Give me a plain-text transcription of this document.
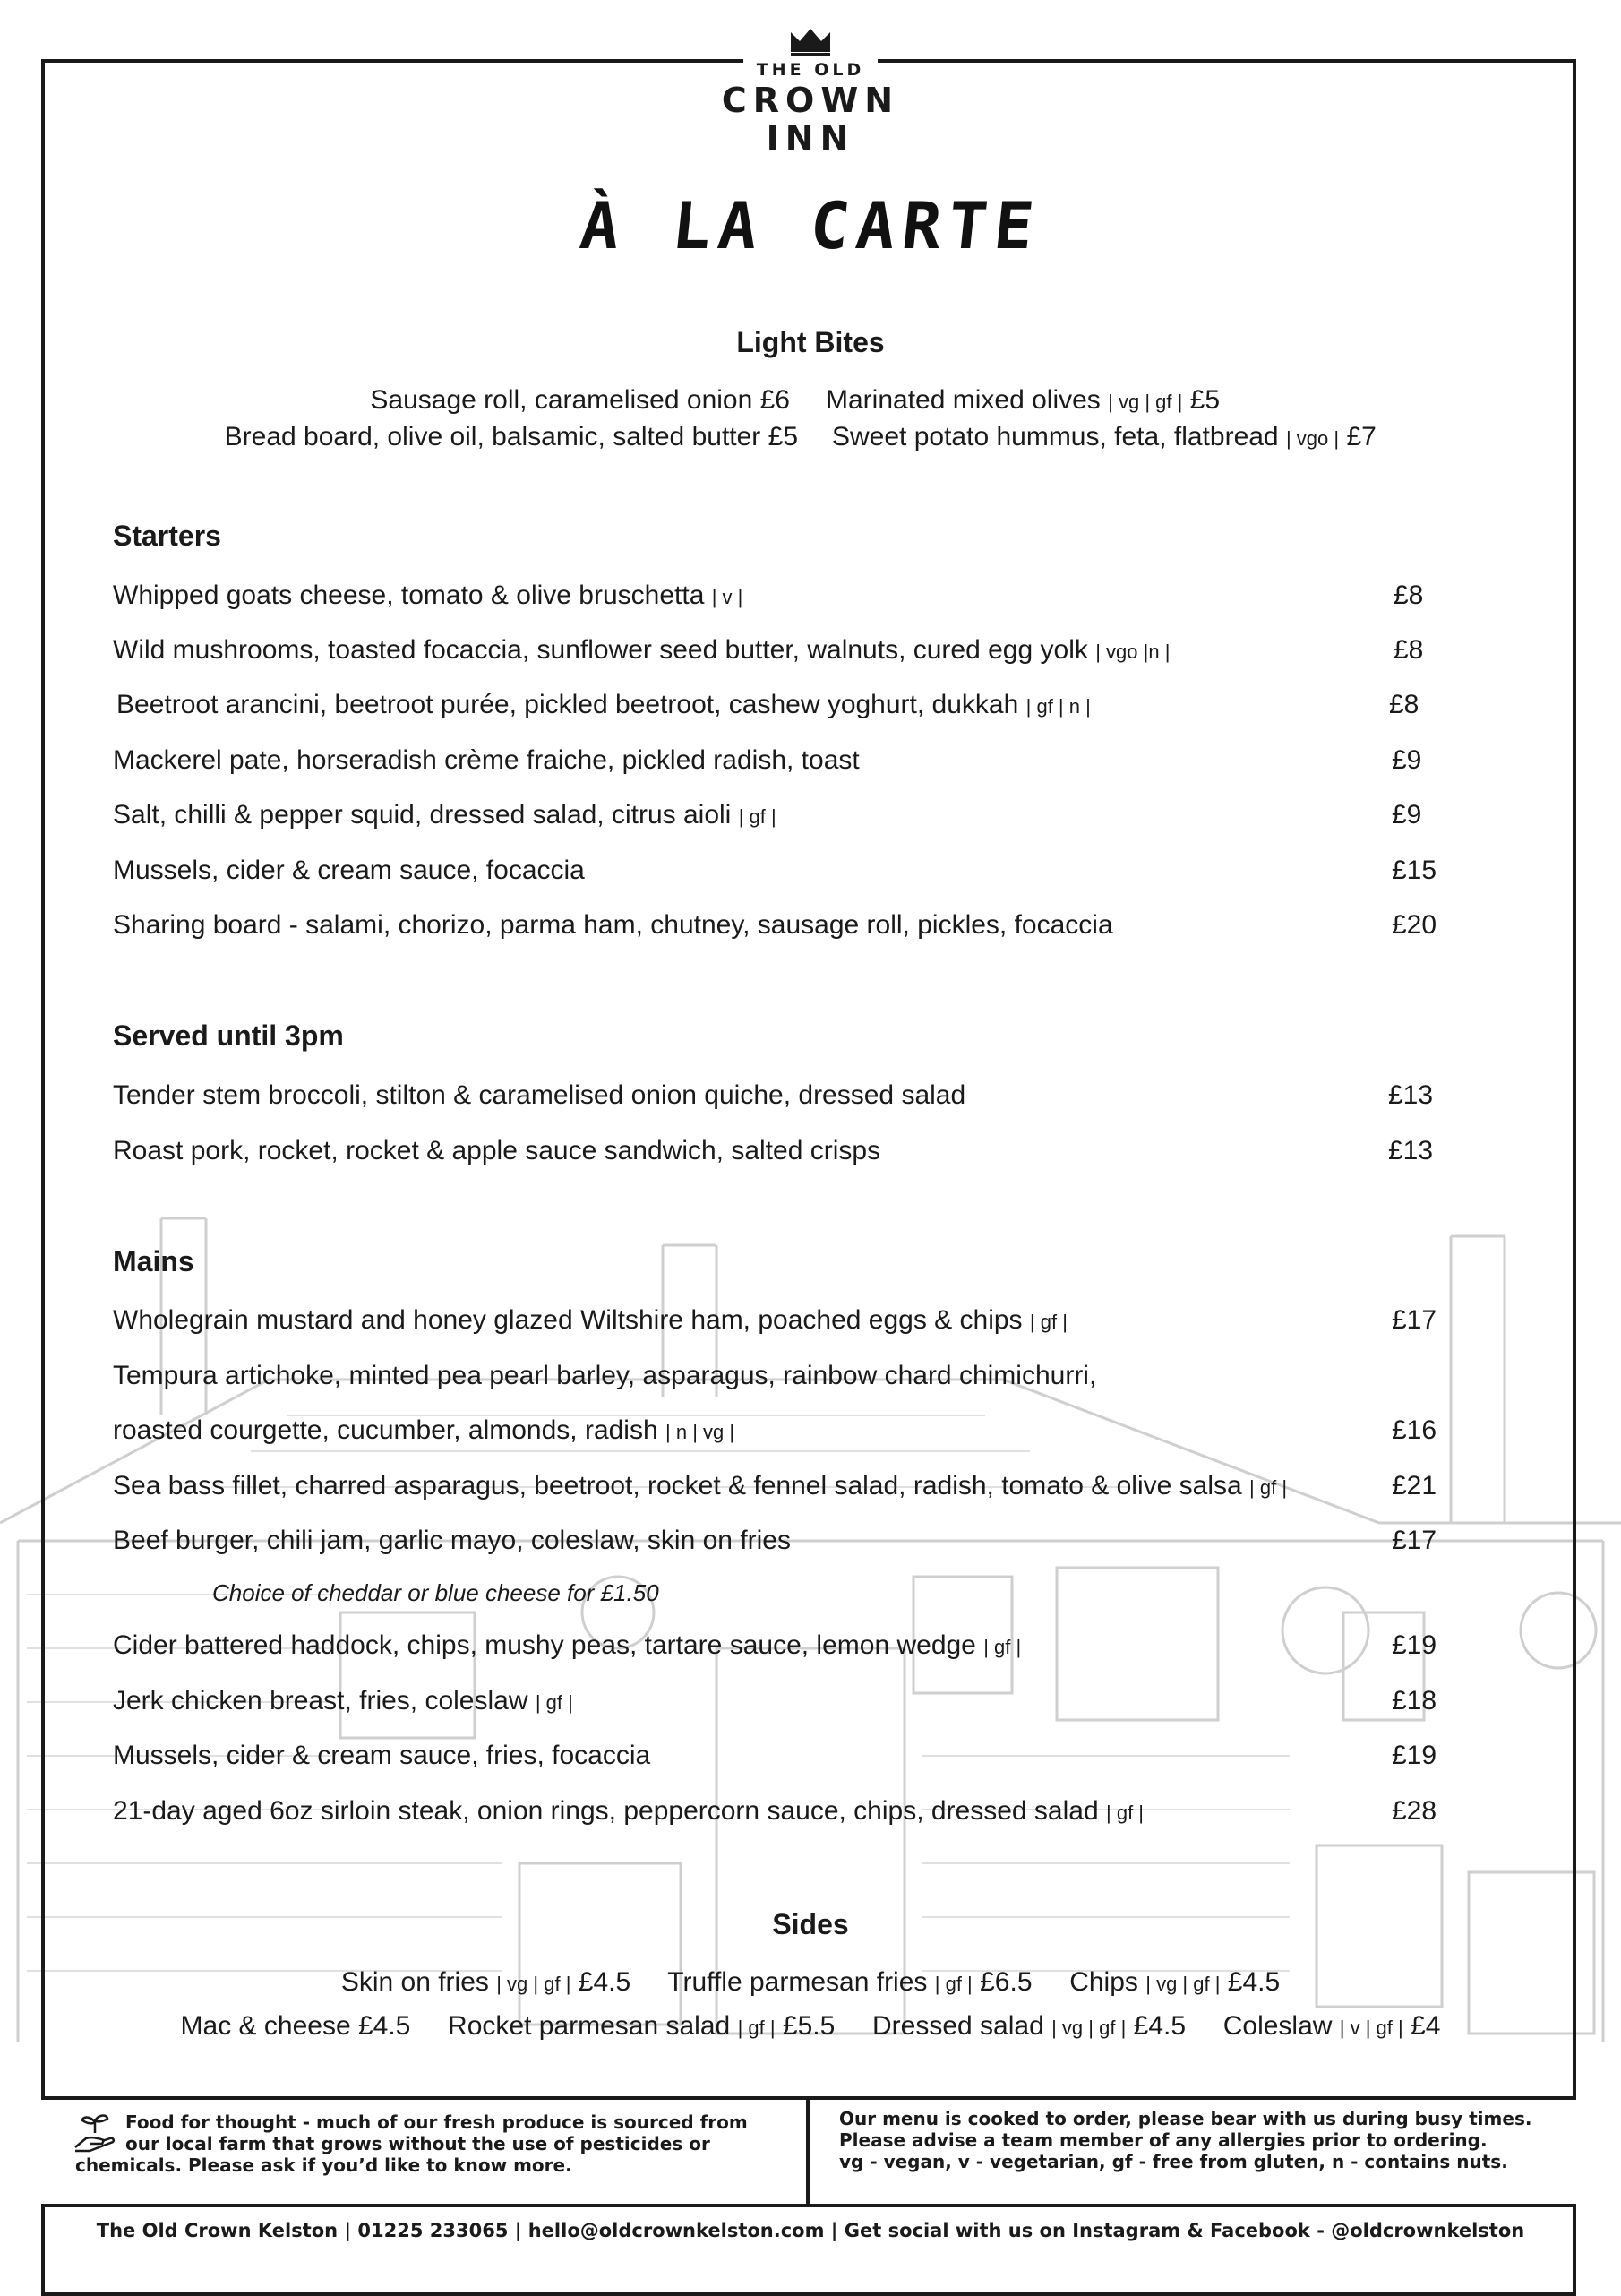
THE OLD
CROWN
INN
À LA CARTE
Light Bites
Sausage roll, caramelised onion £6 Marinated mixed olives | vg | gf | £5
Bread board, olive oil, balsamic, salted butter £5 Sweet potato hummus, feta, flatbread | vgo | £7
Starters
Whipped goats cheese, tomato & olive bruschetta | v |	£8
Wild mushrooms, toasted focaccia, sunflower seed butter, walnuts, cured egg yolk | vgo |n |	£8
Beetroot arancini, beetroot purée, pickled beetroot, cashew yoghurt, dukkah | gf | n |	£8
Mackerel pate, horseradish crème fraiche, pickled radish, toast	£9
Salt, chilli & pepper squid, dressed salad, citrus aioli | gf |	£9
Mussels, cider & cream sauce, focaccia	£15
Sharing board - salami, chorizo, parma ham, chutney, sausage roll, pickles, focaccia	£20
Served until 3pm
Tender stem broccoli, stilton & caramelised onion quiche, dressed salad	£13
Roast pork, rocket, rocket & apple sauce sandwich, salted crisps	£13
Mains
Wholegrain mustard and honey glazed Wiltshire ham, poached eggs & chips | gf |	£17
Tempura artichoke, minted pea pearl barley, asparagus, rainbow chard chimichurri,
roasted courgette, cucumber, almonds, radish | n | vg |	£16
Sea bass fillet, charred asparagus, beetroot, rocket & fennel salad, radish, tomato & olive salsa | gf |	£21
Beef burger, chili jam, garlic mayo, coleslaw, skin on fries	£17
Choice of cheddar or blue cheese for £1.50
Cider battered haddock, chips, mushy peas, tartare sauce, lemon wedge | gf |	£19
Jerk chicken breast, fries, coleslaw | gf |	£18
Mussels, cider & cream sauce, fries, focaccia	£19
21-day aged 6oz sirloin steak, onion rings, peppercorn sauce, chips, dressed salad | gf |	£28
Sides
Skin on fries | vg | gf | £4.5 Truffle parmesan fries | gf | £6.5 Chips | vg | gf | £4.5
Mac & cheese £4.5 Rocket parmesan salad | gf | £5.5 Dressed salad | vg | gf | £4.5 Coleslaw | v | gf | £4
Food for thought - much of our fresh produce is sourced from
our local farm that grows without the use of pesticides or
chemicals. Please ask if you’d like to know more.
Our menu is cooked to order, please bear with us during busy times.
Please advise a team member of any allergies prior to ordering.
vg - vegan, v - vegetarian, gf - free from gluten, n - contains nuts.
The Old Crown Kelston | 01225 233065 | hello@oldcrownkelston.com | Get social with us on Instagram & Facebook - @oldcrownkelston
